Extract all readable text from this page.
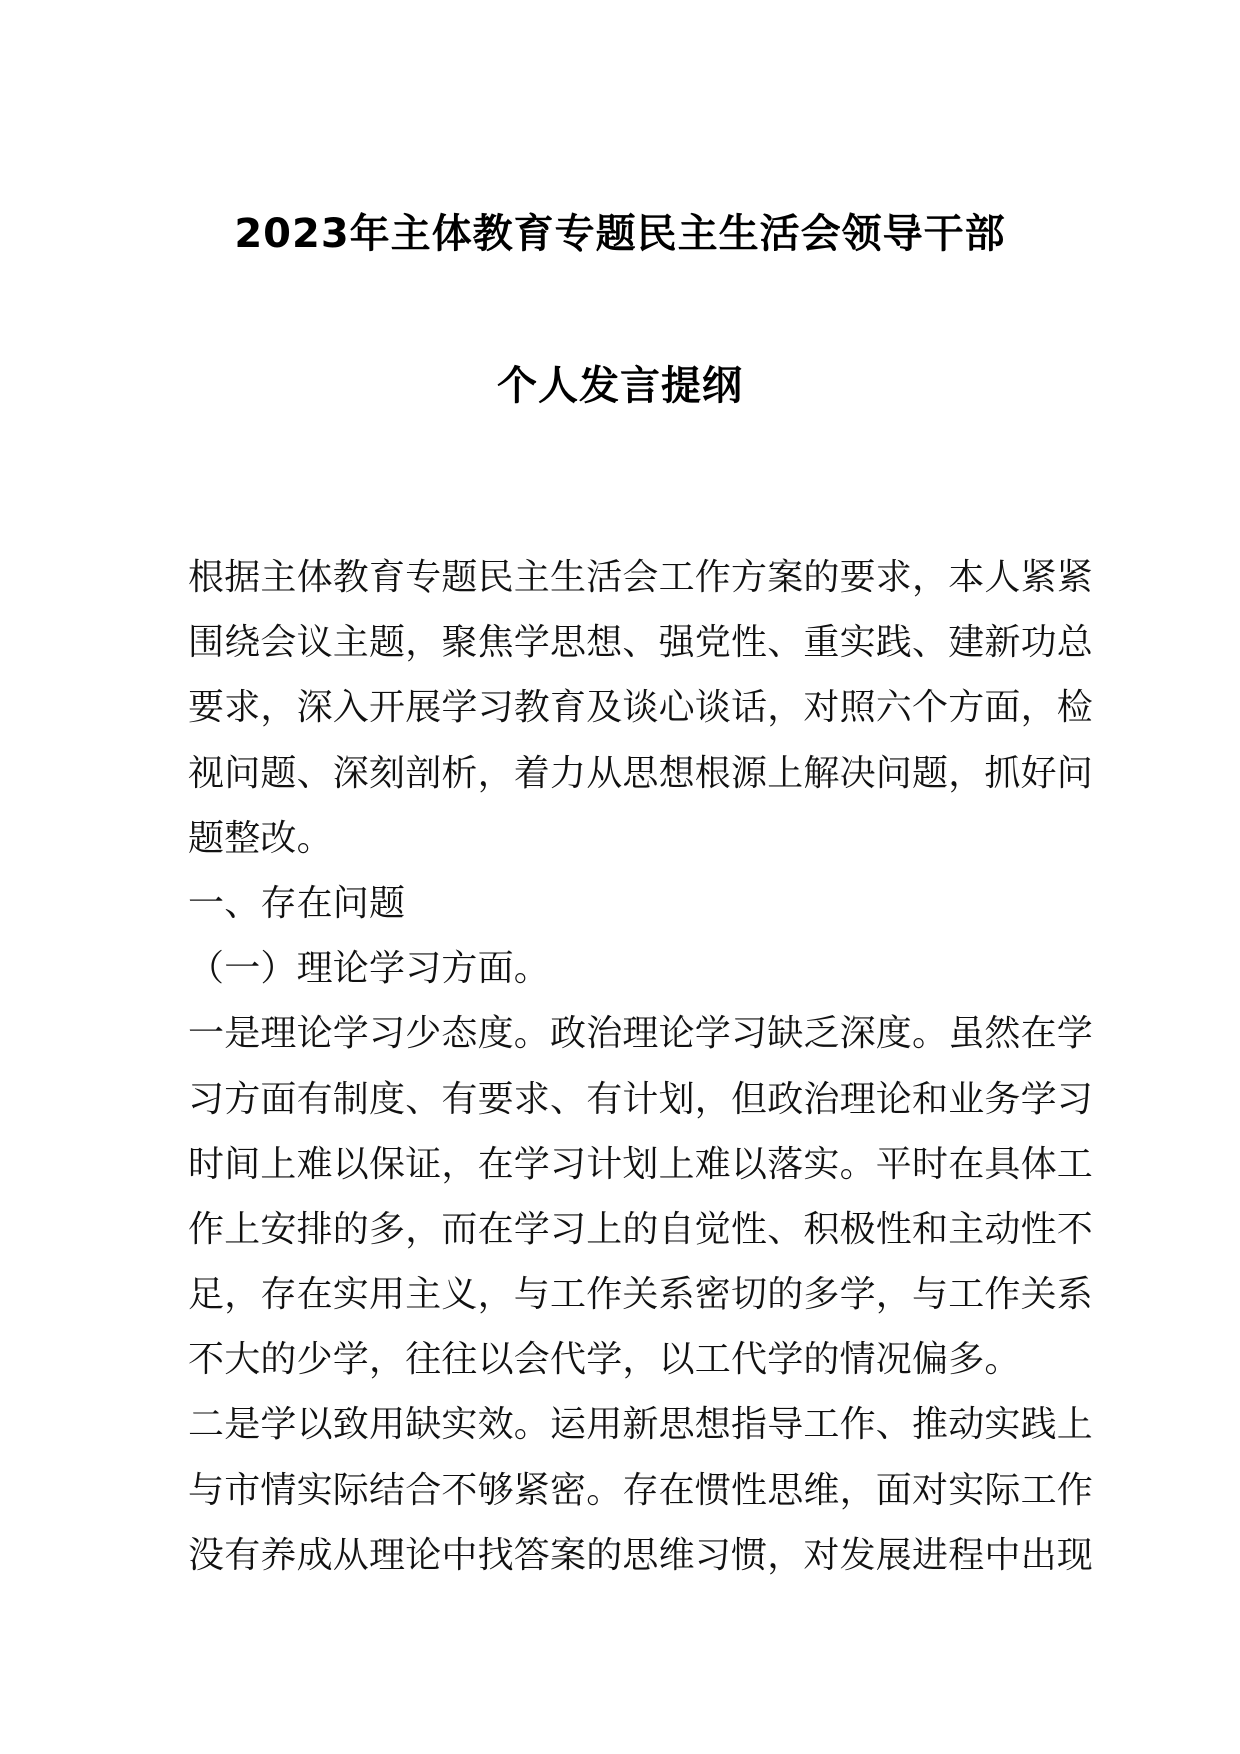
2023年主体教育专题民主生活会领导干部
个人发言提纲
根据主体教育专题民主生活会工作方案的要求，本人紧紧
围绕会议主题，聚焦学思想、强党性、重实践、建新功总
要求，深入开展学习教育及谈心谈话，对照六个方面，检
视问题、深刻剖析，着力从思想根源上解决问题，抓好问
题整改。
一、存在问题
（一）理论学习方面。
一是理论学习少态度。政治理论学习缺乏深度。虽然在学
习方面有制度、有要求、有计划，但政治理论和业务学习
时间上难以保证，在学习计划上难以落实。平时在具体工
作上安排的多，而在学习上的自觉性、积极性和主动性不
足，存在实用主义，与工作关系密切的多学，与工作关系
不大的少学，往往以会代学，以工代学的情况偏多。
二是学以致用缺实效。运用新思想指导工作、推动实践上
与市情实际结合不够紧密。存在惯性思维，面对实际工作
没有养成从理论中找答案的思维习惯，对发展进程中出现
